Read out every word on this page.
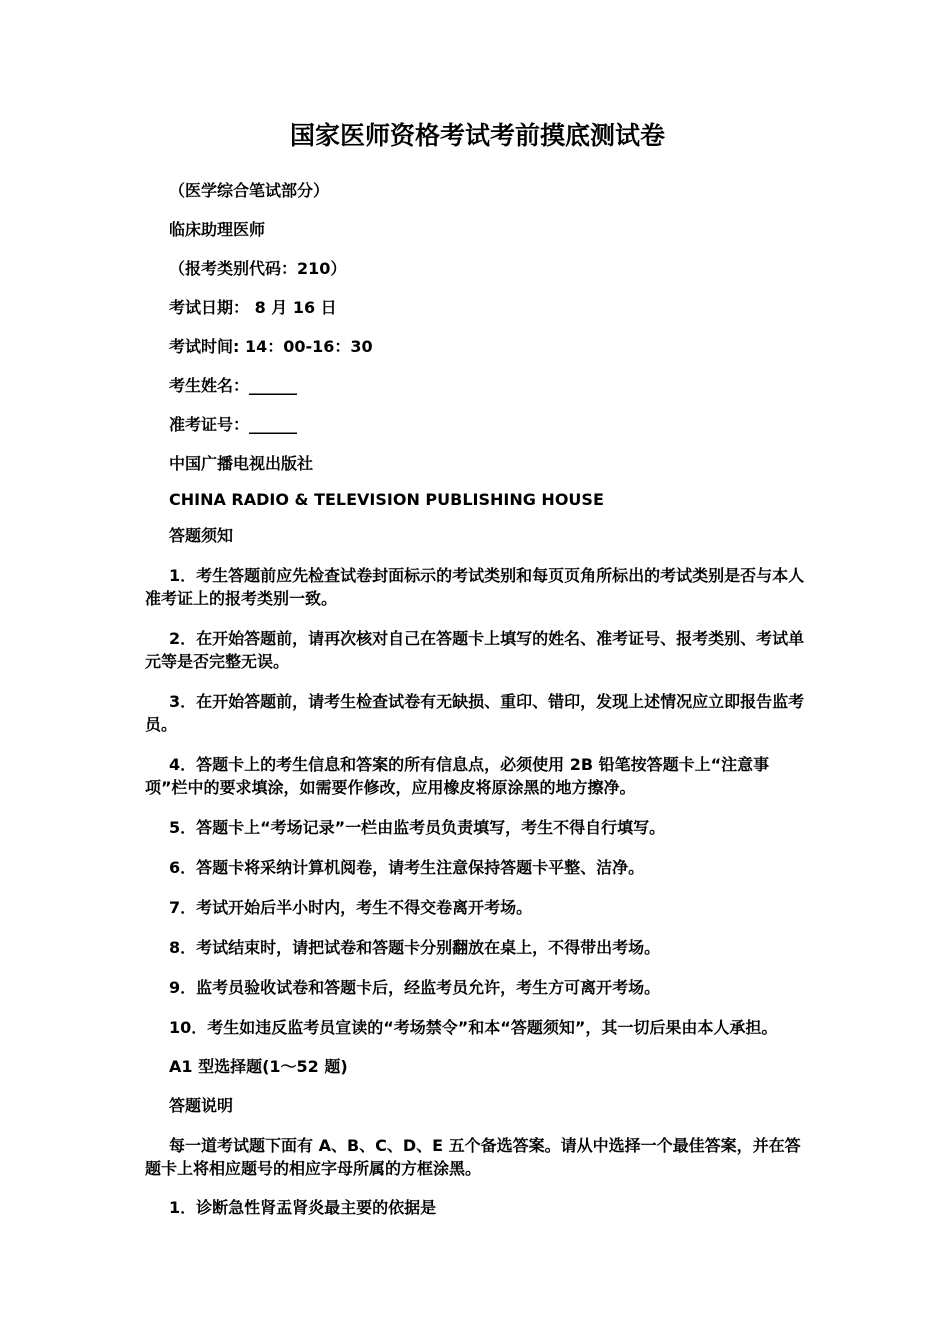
国家医师资格考试考前摸底测试卷

（医学综合笔试部分）

临床助理医师

（报考类别代码：210）

考试日期： 8 月 16 日

考试时间: 14：00-16：30

考生姓名：______

准考证号：______

中国广播电视出版社

CHINA RADIO & TELEVISION PUBLISHING HOUSE

答题须知

1．考生答题前应先检查试卷封面标示的考试类别和每页页角所标出的考试类别是否与本人准考证上的报考类别一致。

2．在开始答题前，请再次核对自己在答题卡上填写的姓名、准考证号、报考类别、考试单元等是否完整无误。

3．在开始答题前，请考生检查试卷有无缺损、重印、错印，发现上述情况应立即报告监考员。

4．答题卡上的考生信息和答案的所有信息点，必须使用 2B 铅笔按答题卡上“注意事项”栏中的要求填涂，如需要作修改，应用橡皮将原涂黑的地方擦净。

5．答题卡上“考场记录”一栏由监考员负责填写，考生不得自行填写。

6．答题卡将采纳计算机阅卷，请考生注意保持答题卡平整、洁净。

7．考试开始后半小时内，考生不得交卷离开考场。

8．考试结束时，请把试卷和答题卡分别翻放在桌上，不得带出考场。

9．监考员验收试卷和答题卡后，经监考员允许，考生方可离开考场。

10．考生如违反监考员宣读的“考场禁令”和本“答题须知”，其一切后果由本人承担。

A1 型选择题(1～52 题)

答题说明

每一道考试题下面有 A、B、C、D、E 五个备选答案。请从中选择一个最佳答案，并在答题卡上将相应题号的相应字母所属的方框涂黑。

1．诊断急性肾盂肾炎最主要的依据是
